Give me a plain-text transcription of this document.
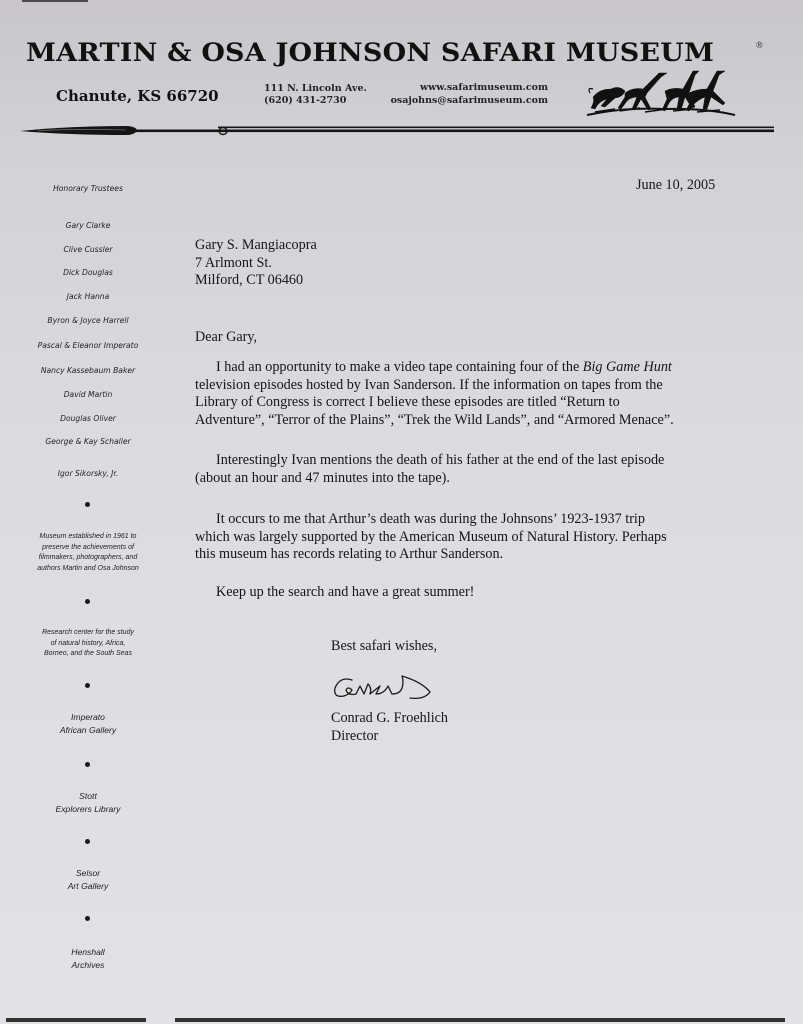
MARTIN & OSA JOHNSON SAFARI MUSEUM	®
Chanute, KS 66720	111 N. Lincoln Ave.
(620) 431-2730
www.safarimuseum.com
osajohns@safarimuseum.com
Honorary Trustees
Gary Clarke
Clive Cussler
Dick Douglas
Jack Hanna
Byron & Joyce Harrell
Pascal & Eleanor Imperato
Nancy Kassebaum Baker
David Martin
Douglas Oliver
George & Kay Schaller
Igor Sikorsky, Jr.
Museum established in 1961 to
preserve the achievements of
filmmakers, photographers, and
authors Martin and Osa Johnson
Research center for the study
of natural history, Africa,
Borneo, and the South Seas
Imperato
African Gallery
Stott
Explorers Library
Selsor
Art Gallery
Henshall
Archives
June 10, 2005
Gary S. Mangiacopra
7 Arlmont St.
Milford, CT 06460
Dear Gary,
I had an opportunity to make a video tape containing four of the Big Game Hunt
television episodes hosted by Ivan Sanderson. If the information on tapes from the
Library of Congress is correct I believe these episodes are titled “Return to
Adventure”, “Terror of the Plains”, “Trek the Wild Lands”, and “Armored Menace”.
Interestingly Ivan mentions the death of his father at the end of the last episode
(about an hour and 47 minutes into the tape).
It occurs to me that Arthur’s death was during the Johnsons’ 1923-1937 trip
which was largely supported by the American Museum of Natural History. Perhaps
this museum has records relating to Arthur Sanderson.
Keep up the search and have a great summer!
Best safari wishes,
Conrad G. Froehlich
Director
